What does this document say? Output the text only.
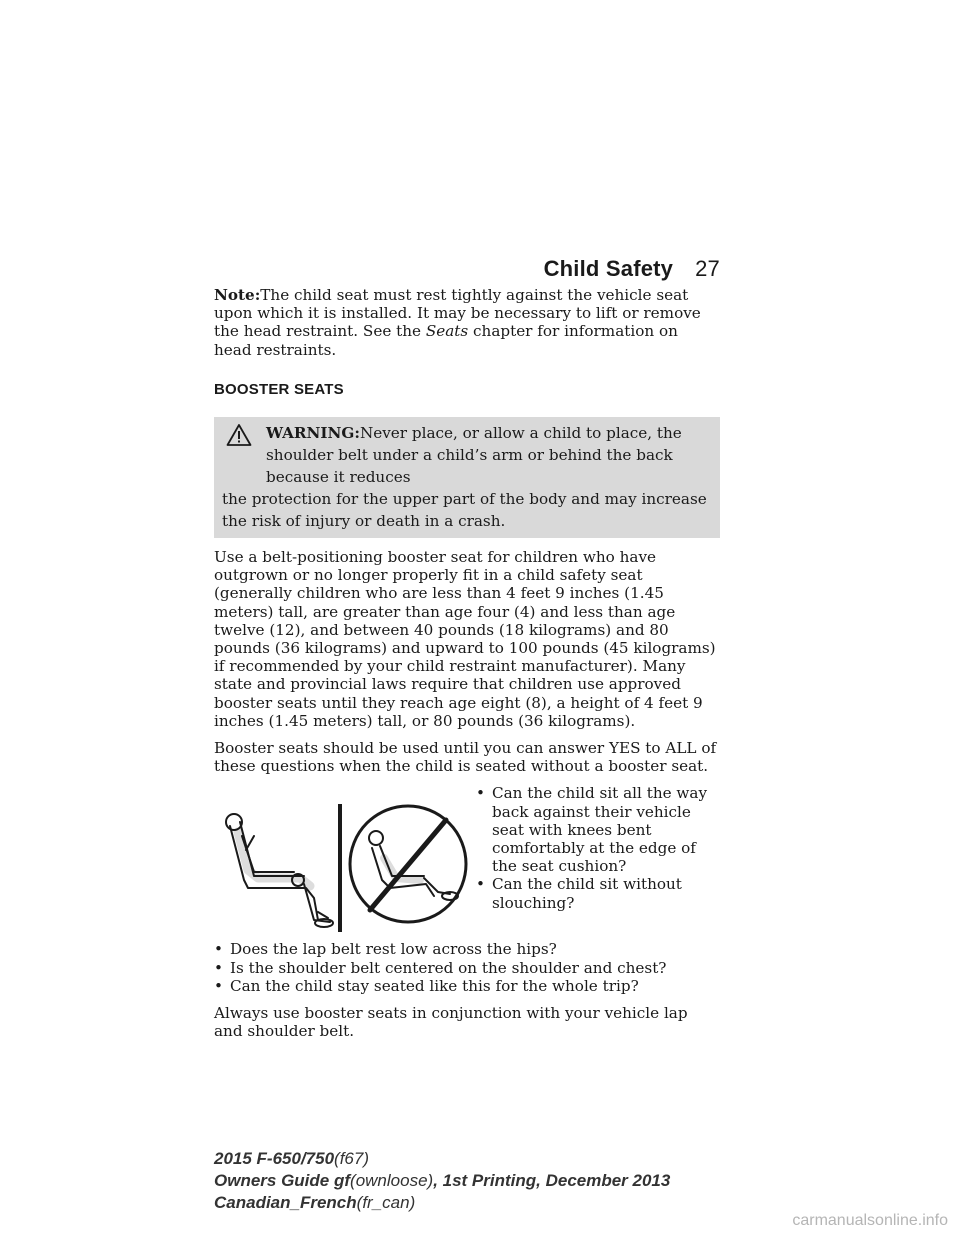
Child Safety 27

Note:The child seat must rest tightly against the vehicle seat upon which it is installed. It may be necessary to lift or remove the head restraint. See the Seats chapter for information on head restraints.

BOOSTER SEATS
WARNING:Never place, or allow a child to place, the shoulder belt under a child’s arm or behind the back because it reduces
the protection for the upper part of the body and may increase the risk of injury or death in a crash.

Use a belt-positioning booster seat for children who have outgrown or no longer properly fit in a child safety seat (generally children who are less than 4 feet 9 inches (1.45 meters) tall, are greater than age four (4) and less than age twelve (12), and between 40 pounds (18 kilograms) and 80 pounds (36 kilograms) and upward to 100 pounds (45 kilograms) if recommended by your child restraint manufacturer). Many state and provincial laws require that children use approved booster seats until they reach age eight (8), a height of 4 feet 9 inches (1.45 meters) tall, or 80 pounds (36 kilograms).

Booster seats should be used until you can answer YES to ALL of these questions when the child is seated without a booster seat.

• Can the child sit all the way back against their vehicle seat with knees bent comfortably at the edge of the seat cushion?
• Can the child sit without slouching?
• Does the lap belt rest low across the hips?
• Is the shoulder belt centered on the shoulder and chest?
• Can the child stay seated like this for the whole trip?

Always use booster seats in conjunction with your vehicle lap and shoulder belt.

2015 F-650/750(f67)
Owners Guide gf(ownloose), 1st Printing, December 2013
Canadian_French(fr_can)
carmanualsonline.info
